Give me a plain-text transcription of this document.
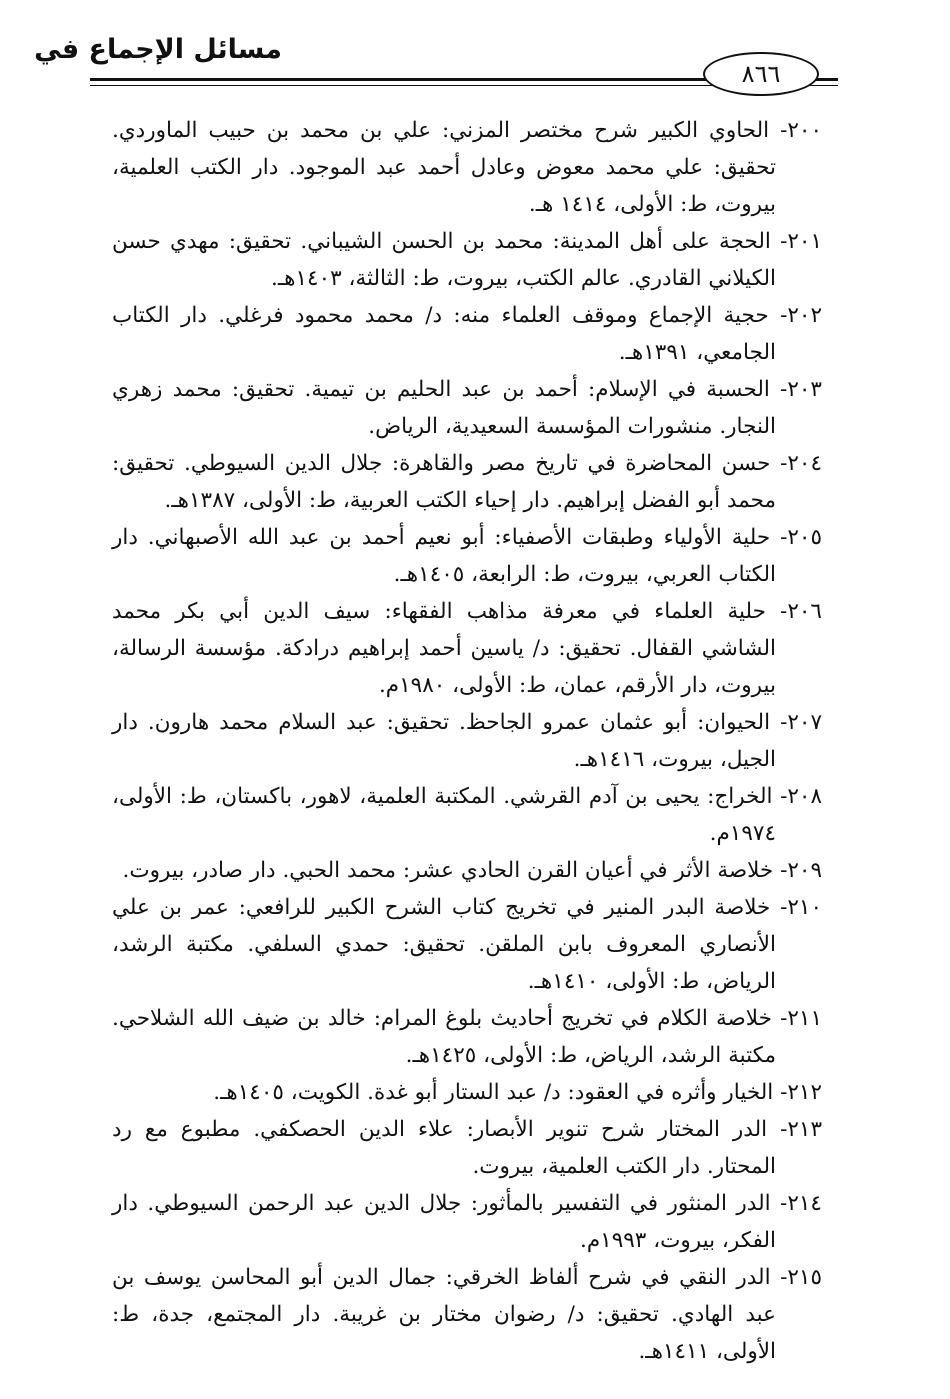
مسائل الإجماع في
٨٦٦

٢٠٠- الحاوي الكبير شرح مختصر المزني: علي بن محمد بن حبيب الماوردي. تحقيق: علي محمد معوض وعادل أحمد عبد الموجود. دار الكتب العلمية، بيروت، ط: الأولى، ١٤١٤ هـ.

٢٠١- الحجة على أهل المدينة: محمد بن الحسن الشيباني. تحقيق: مهدي حسن الكيلاني القادري. عالم الكتب، بيروت، ط: الثالثة، ١٤٠٣هـ.

٢٠٢- حجية الإجماع وموقف العلماء منه: د/ محمد محمود فرغلي. دار الكتاب الجامعي، ١٣٩١هـ.

٢٠٣- الحسبة في الإسلام: أحمد بن عبد الحليم بن تيمية. تحقيق: محمد زهري النجار. منشورات المؤسسة السعيدية، الرياض.

٢٠٤- حسن المحاضرة في تاريخ مصر والقاهرة: جلال الدين السيوطي. تحقيق: محمد أبو الفضل إبراهيم. دار إحياء الكتب العربية، ط: الأولى، ١٣٨٧هـ.

٢٠٥- حلية الأولياء وطبقات الأصفياء: أبو نعيم أحمد بن عبد الله الأصبهاني. دار الكتاب العربي، بيروت، ط: الرابعة، ١٤٠٥هـ.

٢٠٦- حلية العلماء في معرفة مذاهب الفقهاء: سيف الدين أبي بكر محمد الشاشي القفال. تحقيق: د/ ياسين أحمد إبراهيم درادكة. مؤسسة الرسالة، بيروت، دار الأرقم، عمان، ط: الأولى، ١٩٨٠م.

٢٠٧- الحيوان: أبو عثمان عمرو الجاحظ. تحقيق: عبد السلام محمد هارون. دار الجيل، بيروت، ١٤١٦هـ.

٢٠٨- الخراج: يحيى بن آدم القرشي. المكتبة العلمية، لاهور، باكستان، ط: الأولى، ١٩٧٤م.

٢٠٩- خلاصة الأثر في أعيان القرن الحادي عشر: محمد الحبي. دار صادر، بيروت.

٢١٠- خلاصة البدر المنير في تخريج كتاب الشرح الكبير للرافعي: عمر بن علي الأنصاري المعروف بابن الملقن. تحقيق: حمدي السلفي. مكتبة الرشد، الرياض، ط: الأولى، ١٤١٠هـ.

٢١١- خلاصة الكلام في تخريج أحاديث بلوغ المرام: خالد بن ضيف الله الشلاحي. مكتبة الرشد، الرياض، ط: الأولى، ١٤٢٥هـ.

٢١٢- الخيار وأثره في العقود: د/ عبد الستار أبو غدة. الكويت، ١٤٠٥هـ.

٢١٣- الدر المختار شرح تنوير الأبصار: علاء الدين الحصكفي. مطبوع مع رد المحتار. دار الكتب العلمية، بيروت.

٢١٤- الدر المنثور في التفسير بالمأثور: جلال الدين عبد الرحمن السيوطي. دار الفكر، بيروت، ١٩٩٣م.

٢١٥- الدر النقي في شرح ألفاظ الخرقي: جمال الدين أبو المحاسن يوسف بن عبد الهادي. تحقيق: د/ رضوان مختار بن غريبة. دار المجتمع، جدة، ط: الأولى، ١٤١١هـ.
